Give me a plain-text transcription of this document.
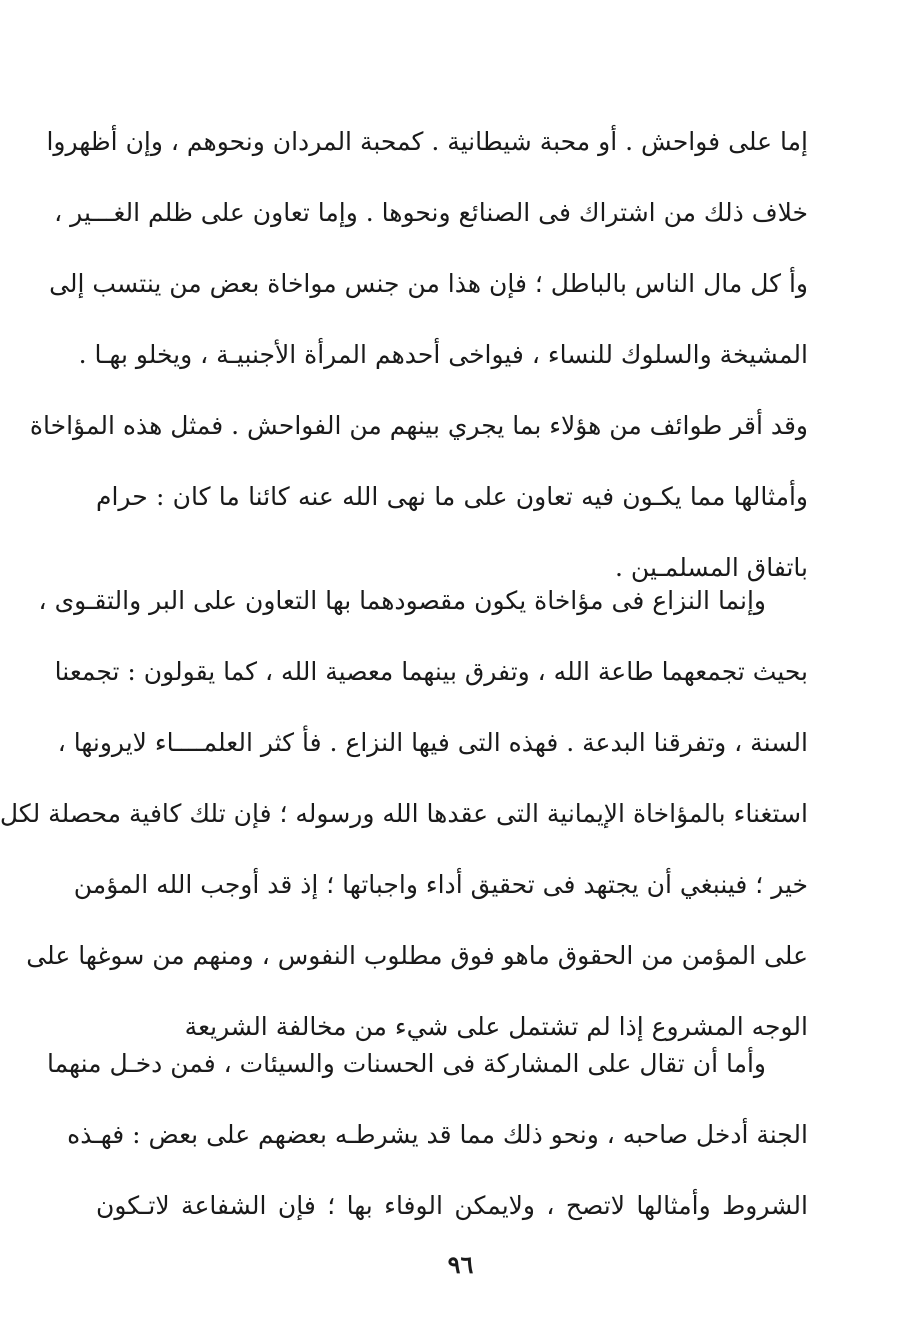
إما على فواحش . أو محبة شيطانية . كمحبة المردان ونحوهم ، وإن أظهروا
خلاف ذلك من اشتراك فى الصنائع ونحوها . وإما تعاون على ظلم الغـــير ،
وأ كل مال الناس بالباطل ؛ فإن هذا من جنس مواخاة بعض من ينتسب إلى
المشيخة والسلوك للنساء ، فيواخى أحدهم المرأة الأجنبيـة ، ويخلو بهـا .
وقد أقر طوائف من هؤلاء بما يجري بينهم من الفواحش . فمثل هذه المؤاخاة
وأمثالها مما يكـون فيه تعاون على ما نهى الله عنه كائنا ما كان : حرام
باتفاق المسلمـين .
وإنما النزاع فى مؤاخاة يكون مقصودهما بها التعاون على البر والتقـوى ،
بحيث تجمعهما طاعة الله ، وتفرق بينهما معصية الله ، كما يقولون : تجمعنا
السنة ، وتفرقنا البدعة . فهذه التى فيها النزاع . فأ كثر العلمــــاء لايرونها ،
استغناء بالمؤاخاة الإيمانية التى عقدها الله ورسوله ؛ فإن تلك كافية محصلة لكل
خير ؛ فينبغي أن يجتهد فى تحقيق أداء واجباتها ؛ إذ قد أوجب الله المؤمن
على المؤمن من الحقوق ماهو فوق مطلوب النفوس ، ومنهم من سوغها على
الوجه المشروع إذا لم تشتمل على شيء من مخالفة الشريعة
وأما أن تقال على المشاركة فى الحسنات والسيئات ، فمن دخـل منهما
الجنة أدخل صاحبه ، ونحو ذلك مما قد يشرطـه بعضهم على بعض : فهـذه
الشروط وأمثالها لاتصح ، ولايمكن الوفاء بها ؛ فإن الشفاعة لاتـكون
٩٦
